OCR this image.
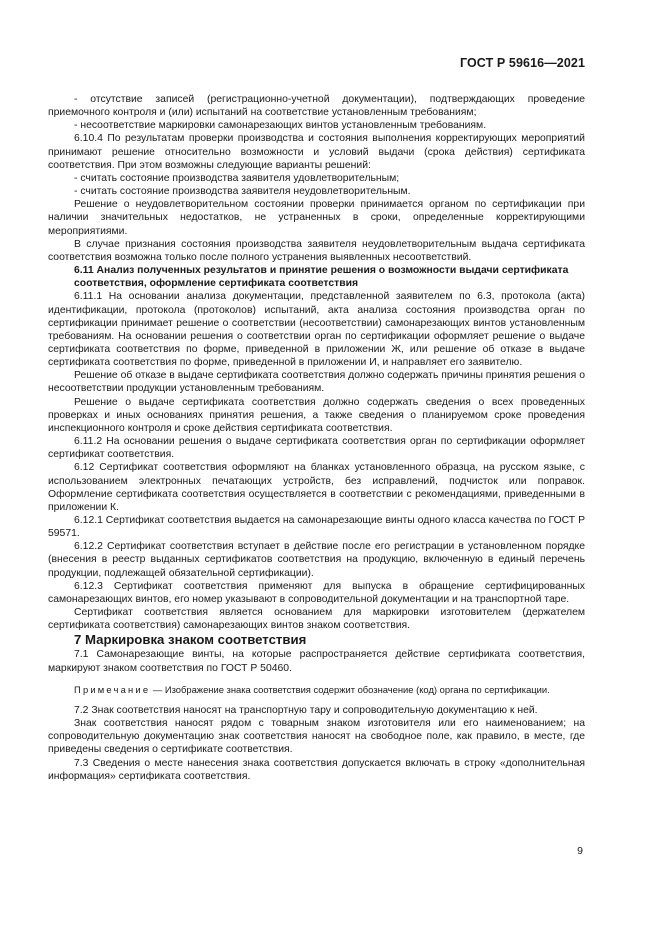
ГОСТ Р 59616—2021

- отсутствие записей (регистрационно-учетной документации), подтверждающих проведение приемочного контроля и (или) испытаний на соответствие установленным требованиям;

- несоответствие маркировки самонарезающих винтов установленным требованиям.

6.10.4 По результатам проверки производства и состояния выполнения корректирующих мероприятий принимают решение относительно возможности и условий выдачи (срока действия) сертификата соответствия. При этом возможны следующие варианты решений:

- считать состояние производства заявителя удовлетворительным;

- считать состояние производства заявителя неудовлетворительным.

Решение о неудовлетворительном состоянии проверки принимается органом по сертификации при наличии значительных недостатков, не устраненных в сроки, определенные корректирующими мероприятиями.

В случае признания состояния производства заявителя неудовлетворительным выдача сертификата соответствия возможна только после полного устранения выявленных несоответствий.

6.11 Анализ полученных результатов и принятие решения о возможности выдачи сертификата соответствия, оформление сертификата соответствия

6.11.1 На основании анализа документации, представленной заявителем по 6.3, протокола (акта) идентификации, протокола (протоколов) испытаний, акта анализа состояния производства орган по сертификации принимает решение о соответствии (несоответствии) самонарезающих винтов установленным требованиям. На основании решения о соответствии орган по сертификации оформляет решение о выдаче сертификата соответствия по форме, приведенной в приложении Ж, или решение об отказе в выдаче сертификата соответствия по форме, приведенной в приложении И, и направляет его заявителю.

Решение об отказе в выдаче сертификата соответствия должно содержать причины принятия решения о несоответствии продукции установленным требованиям.

Решение о выдаче сертификата соответствия должно содержать сведения о всех проведенных проверках и иных основаниях принятия решения, а также сведения о планируемом сроке проведения инспекционного контроля и сроке действия сертификата соответствия.

6.11.2 На основании решения о выдаче сертификата соответствия орган по сертификации оформляет сертификат соответствия.

6.12 Сертификат соответствия оформляют на бланках установленного образца, на русском языке, с использованием электронных печатающих устройств, без исправлений, подчисток или поправок. Оформление сертификата соответствия осуществляется в соответствии с рекомендациями, приведенными в приложении К.

6.12.1 Сертификат соответствия выдается на самонарезающие винты одного класса качества по ГОСТ Р 59571.

6.12.2 Сертификат соответствия вступает в действие после его регистрации в установленном порядке (внесения в реестр выданных сертификатов соответствия на продукцию, включенную в единый перечень продукции, подлежащей обязательной сертификации).

6.12.3 Сертификат соответствия применяют для выпуска в обращение сертифицированных самонарезающих винтов, его номер указывают в сопроводительной документации и на транспортной таре.

Сертификат соответствия является основанием для маркировки изготовителем (держателем сертификата соответствия) самонарезающих винтов знаком соответствия.

7 Маркировка знаком соответствия

7.1 Самонарезающие винты, на которые распространяется действие сертификата соответствия, маркируют знаком соответствия по ГОСТ Р 50460.

Примечание — Изображение знака соответствия содержит обозначение (код) органа по сертификации.

7.2 Знак соответствия наносят на транспортную тару и сопроводительную документацию к ней.

Знак соответствия наносят рядом с товарным знаком изготовителя или его наименованием; на сопроводительную документацию знак соответствия наносят на свободное поле, как правило, в месте, где приведены сведения о сертификате соответствия.

7.3 Сведения о месте нанесения знака соответствия допускается включать в строку «дополнительная информация» сертификата соответствия.

9
